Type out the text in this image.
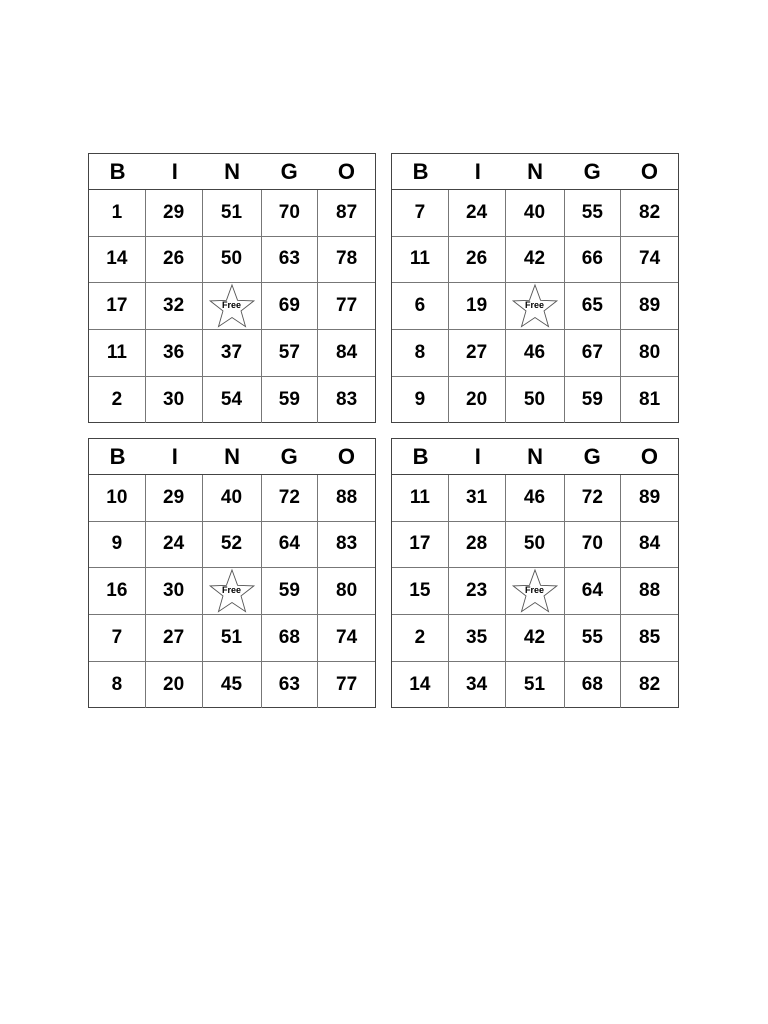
B	I	N	G	O
1	29	51	70	87
14	26	50	63	78
17	32	Free	69	77
11	36	37	57	84
2	30	54	59	83
B	I	N	G	O
7	24	40	55	82
11	26	42	66	74
6	19	Free	65	89
8	27	46	67	80
9	20	50	59	81
B	I	N	G	O
10	29	40	72	88
9	24	52	64	83
16	30	Free	59	80
7	27	51	68	74
8	20	45	63	77
B	I	N	G	O
11	31	46	72	89
17	28	50	70	84
15	23	Free	64	88
2	35	42	55	85
14	34	51	68	82
